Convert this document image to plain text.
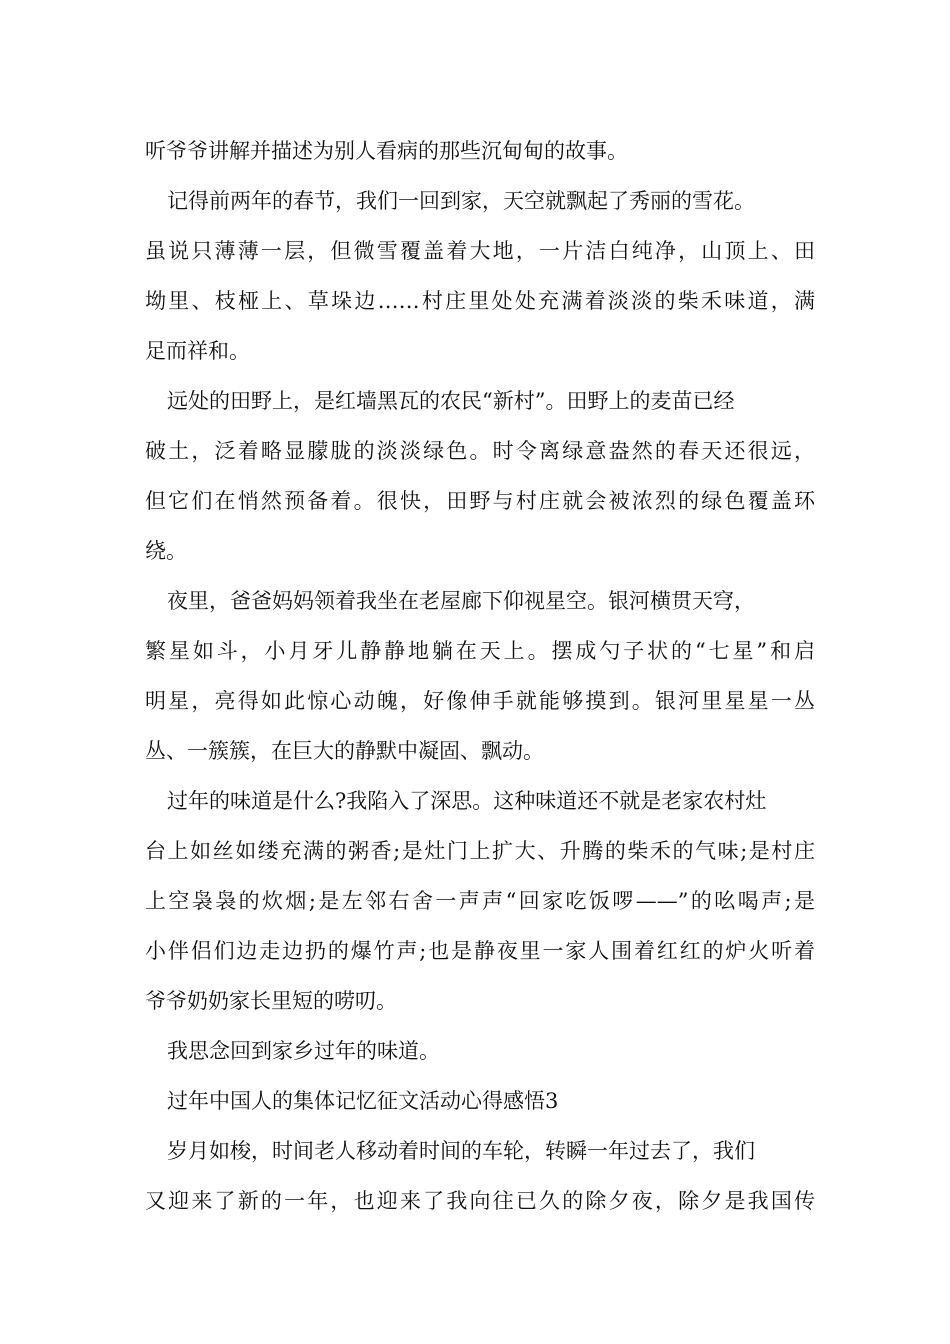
听爷爷讲解并描述为别人看病的那些沉甸甸的故事。
记得前两年的春节，我们一回到家，天空就飘起了秀丽的雪花。
虽说只薄薄一层，但微雪覆盖着大地，一片洁白纯净，山顶上、田
坳里、枝桠上、草垛边……村庄里处处充满着淡淡的柴禾味道，满
足而祥和。
远处的田野上，是红墙黑瓦的农民“新村”。田野上的麦苗已经
破土，泛着略显朦胧的淡淡绿色。时令离绿意盎然的春天还很远，
但它们在悄然预备着。很快，田野与村庄就会被浓烈的绿色覆盖环
绕。
夜里，爸爸妈妈领着我坐在老屋廊下仰视星空。银河横贯天穹，
繁星如斗，小月牙儿静静地躺在天上。摆成勺子状的“七星”和启
明星，亮得如此惊心动魄，好像伸手就能够摸到。银河里星星一丛
丛、一簇簇，在巨大的静默中凝固、飘动。
过年的味道是什么?我陷入了深思。这种味道还不就是老家农村灶
台上如丝如缕充满的粥香;是灶门上扩大、升腾的柴禾的气味;是村庄
上空袅袅的炊烟;是左邻右舍一声声“回家吃饭啰——”的吆喝声;是
小伴侣们边走边扔的爆竹声;也是静夜里一家人围着红红的炉火听着
爷爷奶奶家长里短的唠叨。
我思念回到家乡过年的味道。
过年中国人的集体记忆征文活动心得感悟3
岁月如梭，时间老人移动着时间的车轮，转瞬一年过去了，我们
又迎来了新的一年，也迎来了我向往已久的除夕夜，除夕是我国传
